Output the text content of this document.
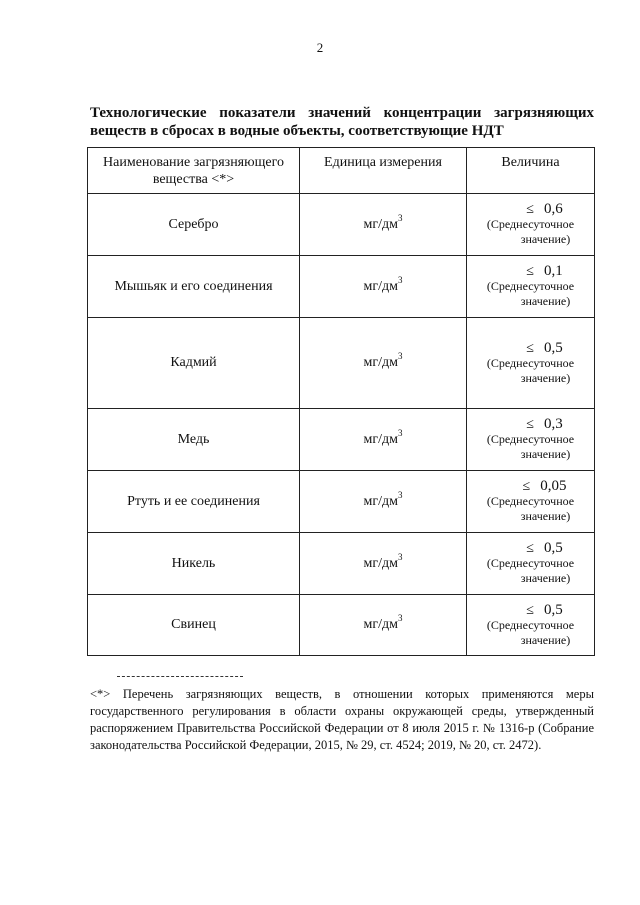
2
Технологические показатели значений концентрации загрязняющих веществ в сбросах в водные объекты, соответствующие НДТ
Наименование загрязняющего вещества <*>	Единица измерения	Величина
Серебро	$мг/дм^3$	≤ 0,6
(Среднесуточное
значение)

Мышьяк и его соединения	$мг/дм^3$	≤ 0,1
(Среднесуточное
значение)

Кадмий	$мг/дм^3$	≤ 0,5
(Среднесуточное
значение)

Медь	$мг/дм^3$	≤ 0,3
(Среднесуточное
значение)

Ртуть и ее соединения	$мг/дм^3$	≤ 0,05
(Среднесуточное
значение)

Никель	$мг/дм^3$	≤ 0,5
(Среднесуточное
значение)

Свинец	$мг/дм^3$	≤ 0,5
(Среднесуточное
значение)
<*> Перечень загрязняющих веществ, в отношении которых применяются меры государственного регулирования в области охраны окружающей среды, утвержденный распоряжением Правительства Российской Федерации от 8 июля 2015 г. № 1316-р (Собрание законодательства Российской Федерации, 2015, № 29, ст. 4524; 2019, № 20, ст. 2472).
